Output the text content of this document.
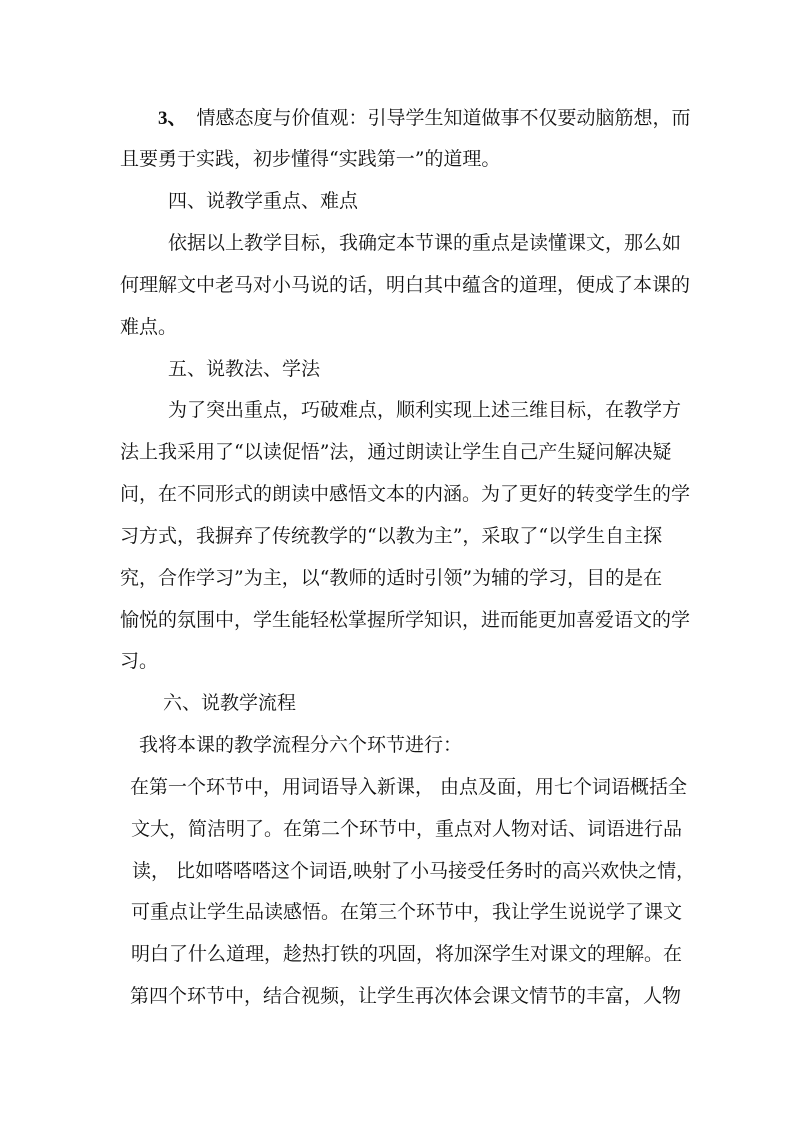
3、 情感态度与价值观：引导学生知道做事不仅要动脑筋想，而
且要勇于实践，初步懂得“实践第一”的道理。
四、说教学重点、难点
依据以上教学目标，我确定本节课的重点是读懂课文，那么如
何理解文中老马对小马说的话，明白其中蕴含的道理，便成了本课的
难点。
五、说教法、学法
为了突出重点，巧破难点，顺利实现上述三维目标，在教学方
法上我采用了“以读促悟”法，通过朗读让学生自己产生疑问解决疑
问，在不同形式的朗读中感悟文本的内涵。为了更好的转变学生的学
习方式，我摒弃了传统教学的“以教为主”，采取了“以学生自主探
究，合作学习”为主，以“教师的适时引领”为辅的学习，目的是在
愉悦的氛围中，学生能轻松掌握所学知识，进而能更加喜爱语文的学
习。
六、说教学流程
我将本课的教学流程分六个环节进行：
在第一个环节中，用词语导入新课， 由点及面，用七个词语概括全
文大，简洁明了。在第二个环节中，重点对人物对话、词语进行品
读， 比如嗒嗒嗒这个词语,映射了小马接受任务时的高兴欢快之情，
可重点让学生品读感悟。在第三个环节中，我让学生说说学了课文
明白了什么道理，趁热打铁的巩固，将加深学生对课文的理解。在
第四个环节中，结合视频，让学生再次体会课文情节的丰富，人物
